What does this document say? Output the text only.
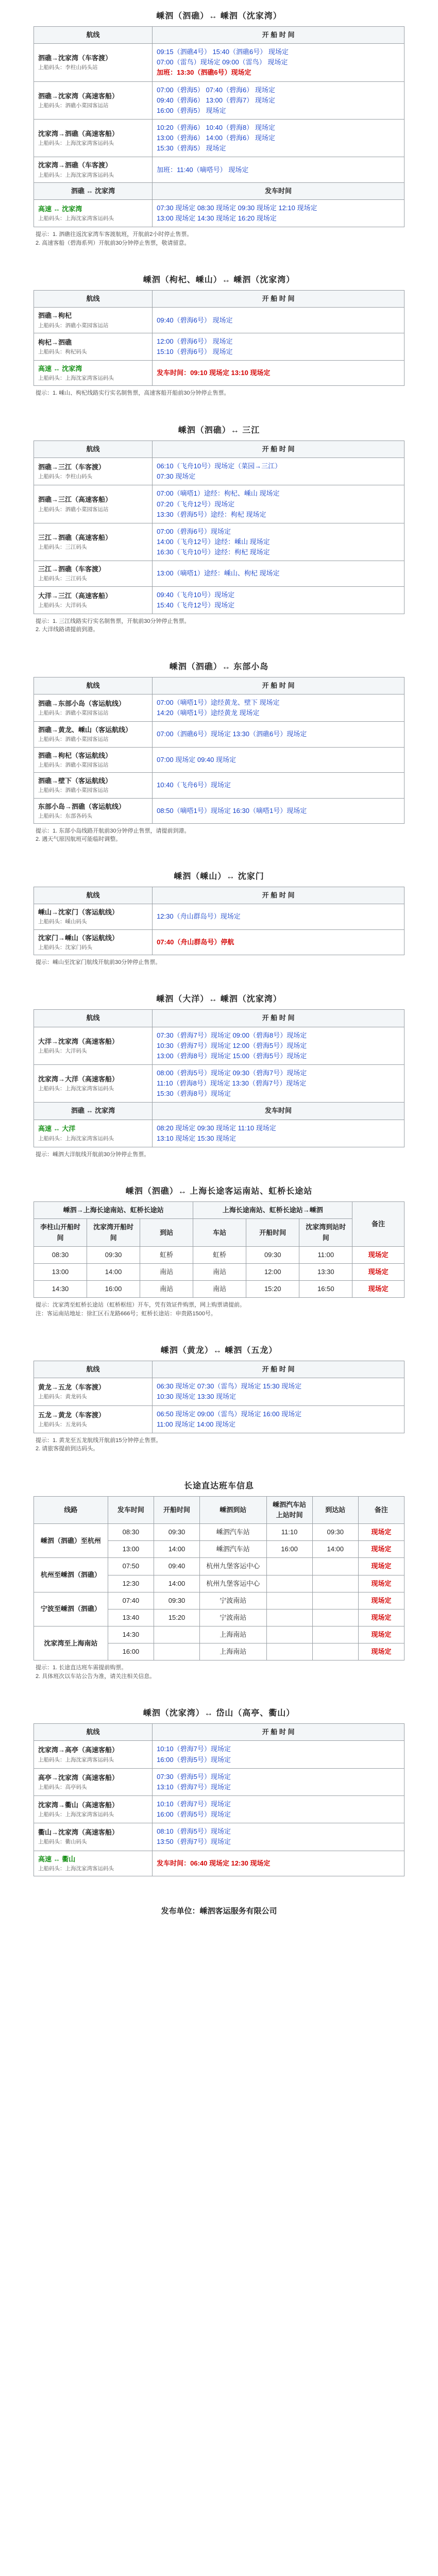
嵊泗（泗礁）↔ 嵊泗（沈家湾）
航线	开 船 时 间
泗礁→沈家湾（车客渡）
上船码头：李柱山码头站	09:15（泗礁4号） 15:40（泗礁6号） 现场定
07:00（雷鸟）现场定 09:00（雷鸟） 现场定
加班：13:30（泗礁6号）现场定

泗礁→沈家湾（高速客船）
上船码头：泗礁小菜园客运站	07:00（碧海5） 07:40（碧海6） 现场定
09:40（碧海6） 13:00（碧海7） 现场定
16:00（碧海5） 现场定

沈家湾→泗礁（高速客船）
上船码头：上海沈家湾客运码头	10:20（碧海6） 10:40（碧海8） 现场定
13:00（碧海6） 14:00（碧海6） 现场定
15:30（碧海5） 现场定

沈家湾→泗礁（车客渡）
上船码头：上海沈家湾客运码头	加班：11:40（嘀嗒号） 现场定

泗礁 ↔ 沈家湾	发车时间
高速 ↔ 沈家湾
上船码头：上海沈家湾客运码头	07:30 现场定 08:30 现场定 09:30 现场定 12:10 现场定
13:00 现场定 14:30 现场定 16:20 现场定
提示：1. 泗礁往返沈家湾车客渡航班，开航前2小时停止售票。
2. 高速客船（碧海系列）开航前30分钟停止售票，敬请留意。
嵊泗（枸杞、嵊山）↔ 嵊泗（沈家湾）
航线	开 船 时 间
泗礁→枸杞
上船码头：泗礁小菜园客运站	09:40（碧海6号） 现场定

枸杞→泗礁
上船码头：枸杞码头	12:00（碧海6号） 现场定
15:10（碧海6号） 现场定

高速 ↔ 沈家湾
上船码头：上海沈家湾客运码头	发车时间：09:10 现场定 13:10 现场定
提示：1. 嵊山、枸杞线路实行实名制售票，高速客船开船前30分钟停止售票。
嵊泗（泗礁）↔ 三江
航线	开 船 时 间
泗礁→三江（车客渡）
上船码头：李柱山码头	06:10（飞舟10号）现场定（菜园→三江）
07:30 现场定

泗礁→三江（高速客船）
上船码头：泗礁小菜园客运站	07:00（嘀嗒1）途经：枸杞、嵊山 现场定
07:20（飞舟12号）现场定
13:30（碧海5号）途经：枸杞 现场定

三江→泗礁（高速客船）
上船码头：三江码头	07:00（碧海6号）现场定
14:00（飞舟12号）途经：嵊山 现场定
16:30（飞舟10号）途经：枸杞 现场定

三江→泗礁（车客渡）
上船码头：三江码头	13:00（嘀嗒1）途经：嵊山、枸杞 现场定

大洋→三江（高速客船）
上船码头：大洋码头	09:40（飞舟10号）现场定
15:40（飞舟12号）现场定
提示：1. 三江线路实行实名制售票，开航前30分钟停止售票。
2. 大洋线路请提前到港。
嵊泗（泗礁）↔ 东部小岛
航线	开 船 时 间
泗礁→东部小岛（客运航线）
上船码头：泗礁小菜园客运站	07:00（嘀嗒1号）途经黄龙、壁下 现场定
14:20（嘀嗒1号）途经黄龙 现场定

泗礁→黄龙、嵊山（客运航线）
上船码头：泗礁小菜园客运站	07:00（泗礁6号）现场定 13:30（泗礁6号）现场定

泗礁→枸杞（客运航线）
上船码头：泗礁小菜园客运站	07:00 现场定 09:40 现场定

泗礁→壁下（客运航线）
上船码头：泗礁小菜园客运站	10:40（飞舟6号）现场定

东部小岛→泗礁（客运航线）
上船码头：东部各码头	08:50（嘀嗒1号）现场定 16:30（嘀嗒1号）现场定
提示：1. 东部小岛线路开航前30分钟停止售票，请提前到港。
2. 遇天气原因航班可能临时调整。
嵊泗（嵊山）↔ 沈家门
航线	开 船 时 间
嵊山→沈家门（客运航线）
上船码头：嵊山码头	12:30（舟山群岛号）现场定

沈家门→嵊山（客运航线）
上船码头：沈家门码头	07:40（舟山群岛号）停航
提示：嵊山至沈家门航线开航前30分钟停止售票。
嵊泗（大洋）↔ 嵊泗（沈家湾）
航线	开 船 时 间
大洋→沈家湾（高速客船）
上船码头：大洋码头	07:30（碧海7号）现场定 09:00（碧海8号）现场定
10:30（碧海7号）现场定 12:00（碧海5号）现场定
13:00（碧海8号）现场定 15:00（碧海5号）现场定

沈家湾→大洋（高速客船）
上船码头：上海沈家湾客运码头	08:00（碧海5号）现场定 09:30（碧海7号）现场定
11:10（碧海8号）现场定 13:30（碧海7号）现场定
15:30（碧海8号）现场定

泗礁 ↔ 沈家湾	发车时间
高速 ↔ 大洋
上船码头：上海沈家湾客运码头	08:20 现场定 09:30 现场定 11:10 现场定
13:10 现场定 15:30 现场定
提示：嵊泗大洋航线开航前30分钟停止售票。
嵊泗（泗礁）↔ 上海长途客运南站、虹桥长途站
嵊泗→上海长途南站、虹桥长途站			上海长途南站、虹桥长途站→嵊泗			备注
李柱山开船时间	沈家湾开船时间	到站	车站	开船时间	沈家湾到站时间	
08:30	09:30	虹桥	虹桥	09:30	11:00	现场定
13:00	14:00	南站	南站	12:00	13:30	现场定
14:30	16:00	南站	南站	15:20	16:50	现场定
提示：沈家湾至虹桥长途站（虹桥枢纽）开车，凭有效证件购票，网上购票请提前。
注：客运南站地址：徐汇区石龙路666号；虹桥长途站：申贵路1500号。
嵊泗（黄龙）↔ 嵊泗（五龙）
航线	开 船 时 间
黄龙→五龙（车客渡）
上船码头：黄龙码头	06:30 现场定 07:30（雷鸟）现场定 15:30 现场定
10:30 现场定 13:30 现场定

五龙→黄龙（车客渡）
上船码头：五龙码头	06:50 现场定 09:00（雷鸟）现场定 16:00 现场定
11:00 现场定 14:00 现场定
提示：1. 黄龙至五龙航线开航前15分钟停止售票。
2. 请旅客提前到达码头。
长途直达班车信息
线路	发车时间	开船时间	嵊泗到站	嵊泗汽车站上站时间	到达站	备注
嵊泗（泗礁）至杭州	08:30	09:30	嵊泗汽车站	11:10	09:30	现场定
	13:00	14:00	嵊泗汽车站	16:00	14:00	现场定
杭州至嵊泗（泗礁）	07:50	09:40	杭州九堡客运中心			现场定
	12:30	14:00	杭州九堡客运中心			现场定
宁波至嵊泗（泗礁）	07:40	09:30	宁波南站			现场定
	13:40	15:20	宁波南站			现场定
沈家湾至上海南站	14:30		上海南站			现场定
	16:00		上海南站			现场定
提示：1. 长途直达班车需提前购票。
2. 具体班次以车站公告为准，请关注相关信息。
嵊泗（沈家湾）↔ 岱山（高亭、衢山）
航线	开 船 时 间
沈家湾→高亭（高速客船）
上船码头：上海沈家湾客运码头	10:10（碧海7号）现场定
16:00（碧海5号）现场定

高亭→沈家湾（高速客船）
上船码头：高亭码头	07:30（碧海5号）现场定
13:10（碧海7号）现场定

沈家湾→衢山（高速客船）
上船码头：上海沈家湾客运码头	10:10（碧海7号）现场定
16:00（碧海5号）现场定

衢山→沈家湾（高速客船）
上船码头：衢山码头	08:10（碧海5号）现场定
13:50（碧海7号）现场定

高速 ↔ 衢山
上船码头：上海沈家湾客运码头	发车时间：06:40 现场定 12:30 现场定
发布单位：嵊泗客运服务有限公司
